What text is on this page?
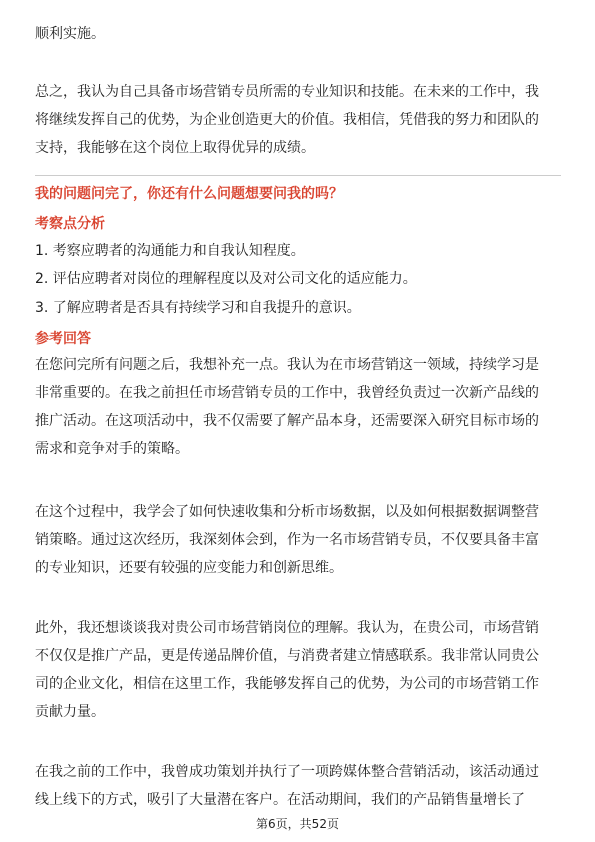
顺利实施。
总之，我认为自己具备市场营销专员所需的专业知识和技能。在未来的工作中，我
将继续发挥自己的优势，为企业创造更大的价值。我相信，凭借我的努力和团队的
支持，我能够在这个岗位上取得优异的成绩。
我的问题问完了，你还有什么问题想要问我的吗？
考察点分析
1. 考察应聘者的沟通能力和自我认知程度。
2. 评估应聘者对岗位的理解程度以及对公司文化的适应能力。
3. 了解应聘者是否具有持续学习和自我提升的意识。
参考回答
在您问完所有问题之后，我想补充一点。我认为在市场营销这一领域，持续学习是
非常重要的。在我之前担任市场营销专员的工作中，我曾经负责过一次新产品线的
推广活动。在这项活动中，我不仅需要了解产品本身，还需要深入研究目标市场的
需求和竞争对手的策略。
在这个过程中，我学会了如何快速收集和分析市场数据，以及如何根据数据调整营
销策略。通过这次经历，我深刻体会到，作为一名市场营销专员，不仅要具备丰富
的专业知识，还要有较强的应变能力和创新思维。
此外，我还想谈谈我对贵公司市场营销岗位的理解。我认为，在贵公司，市场营销
不仅仅是推广产品，更是传递品牌价值，与消费者建立情感联系。我非常认同贵公
司的企业文化，相信在这里工作，我能够发挥自己的优势，为公司的市场营销工作
贡献力量。
在我之前的工作中，我曾成功策划并执行了一项跨媒体整合营销活动，该活动通过
线上线下的方式，吸引了大量潜在客户。在活动期间，我们的产品销售量增长了
第6页，共52页
